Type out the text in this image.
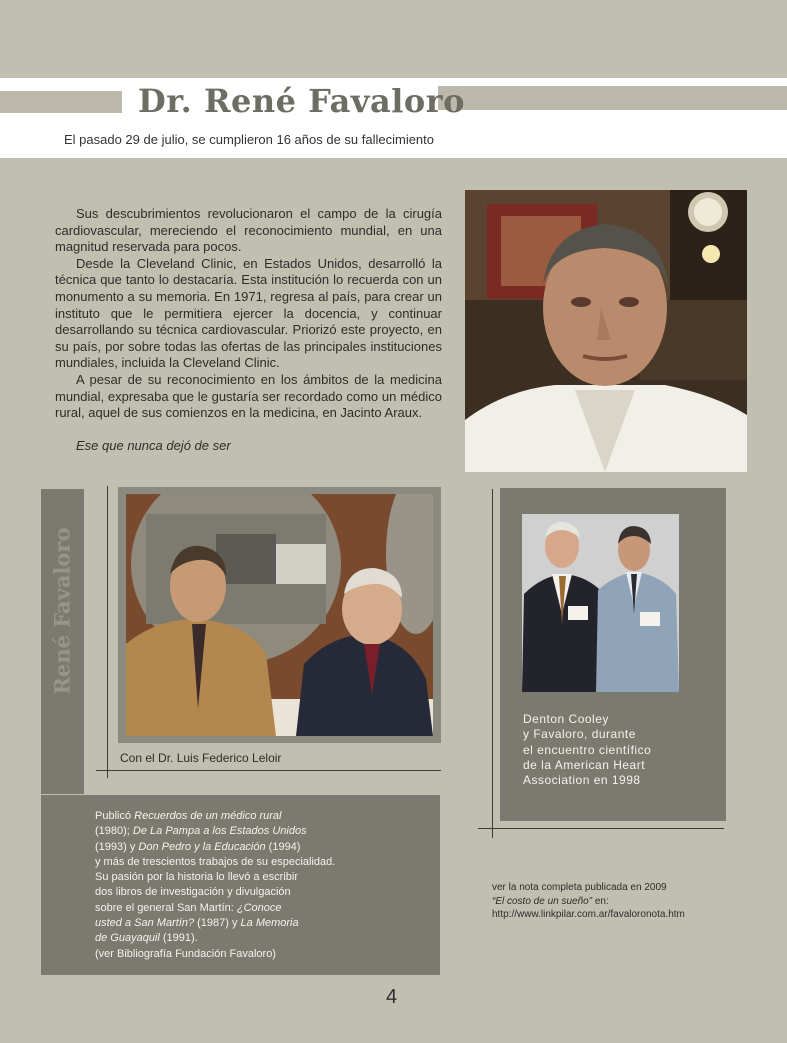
Dr. René Favaloro
El pasado 29 de julio, se cumplieron 16 años de su fallecimiento

Sus descubrimientos revolucionaron el campo de la cirugía cardiovascular, mereciendo el reconocimiento mundial, en una magnitud reservada para pocos.

Desde la Cleveland Clinic, en Estados Unidos, desarrolló la técnica que tanto lo destacaría. Esta institución lo recuerda con un monumento a su memoria. En 1971, regresa al país, para crear un instituto que le permitiera ejercer la docencia, y continuar desarrollando su técnica cardiovascular. Priorizó este proyecto, en su país, por sobre todas las ofertas de las principales instituciones mundiales, incluida la Cleveland Clinic.

A pesar de su reconocimiento en los ámbitos de la medicina mundial, expresaba que le gustaría ser recordado como un médico rural, aquel de sus comienzos en la medicina, en Jacinto Araux.

Ese que nunca dejó de ser

René Favaloro
Con el Dr. Luis Federico Leloir
Publicó Recuerdos de un médico rural
(1980); De La Pampa a los Estados Unidos
(1993) y Don Pedro y la Educación (1994)
y más de trescientos trabajos de su especialidad.
Su pasión por la historia lo llevó a escribir
dos libros de investigación y divulgación
sobre el general San Martín: ¿Conoce
usted a San Martín? (1987) y La Memoria
de Guayaquil (1991).
(ver Bibliografía Fundación Favaloro)
Denton Cooley
y Favaloro, durante
el encuentro científico
de la American Heart
Association en 1998
ver la nota completa publicada en 2009
“El costo de un sueño” en:
http://www.linkpilar.com.ar/favaloronota.htm
4
